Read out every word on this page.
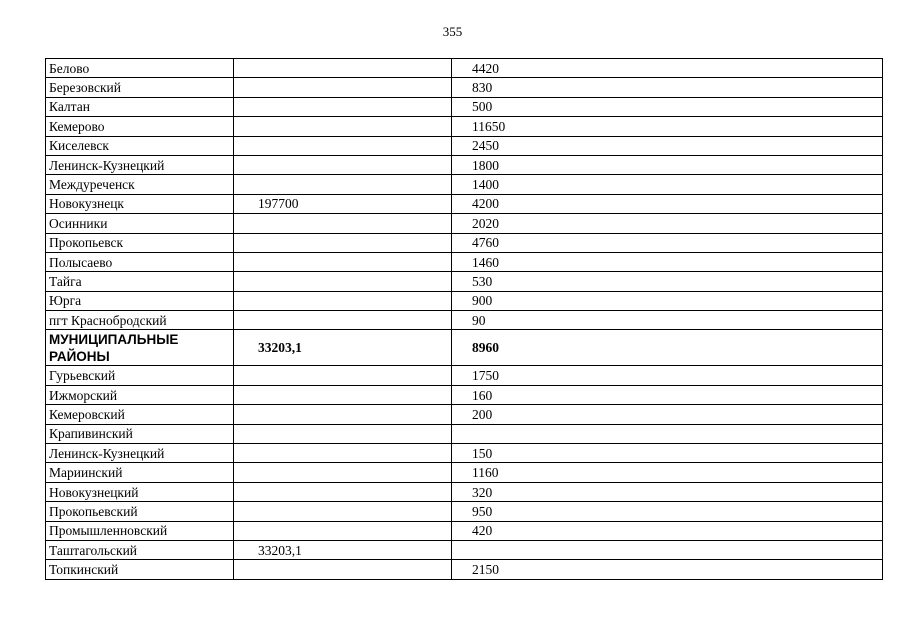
355
Белово		4420
Березовский		830
Калтан		500
Кемерово		11650
Киселевск		2450
Ленинск-Кузнецкий		1800
Междуреченск		1400
Новокузнецк	197700	4200
Осинники		2020
Прокопьевск		4760
Полысаево		1460
Тайга		530
Юрга		900
пгт Краснобродский		90
МУНИЦИПАЛЬНЫЕ РАЙОНЫ	33203,1	8960
Гурьевский		1750
Ижморский		160
Кемеровский		200
Крапивинский		
Ленинск-Кузнецкий		150
Мариинский		1160
Новокузнецкий		320
Прокопьевский		950
Промышленновский		420
Таштагольский	33203,1	
Топкинский		2150
